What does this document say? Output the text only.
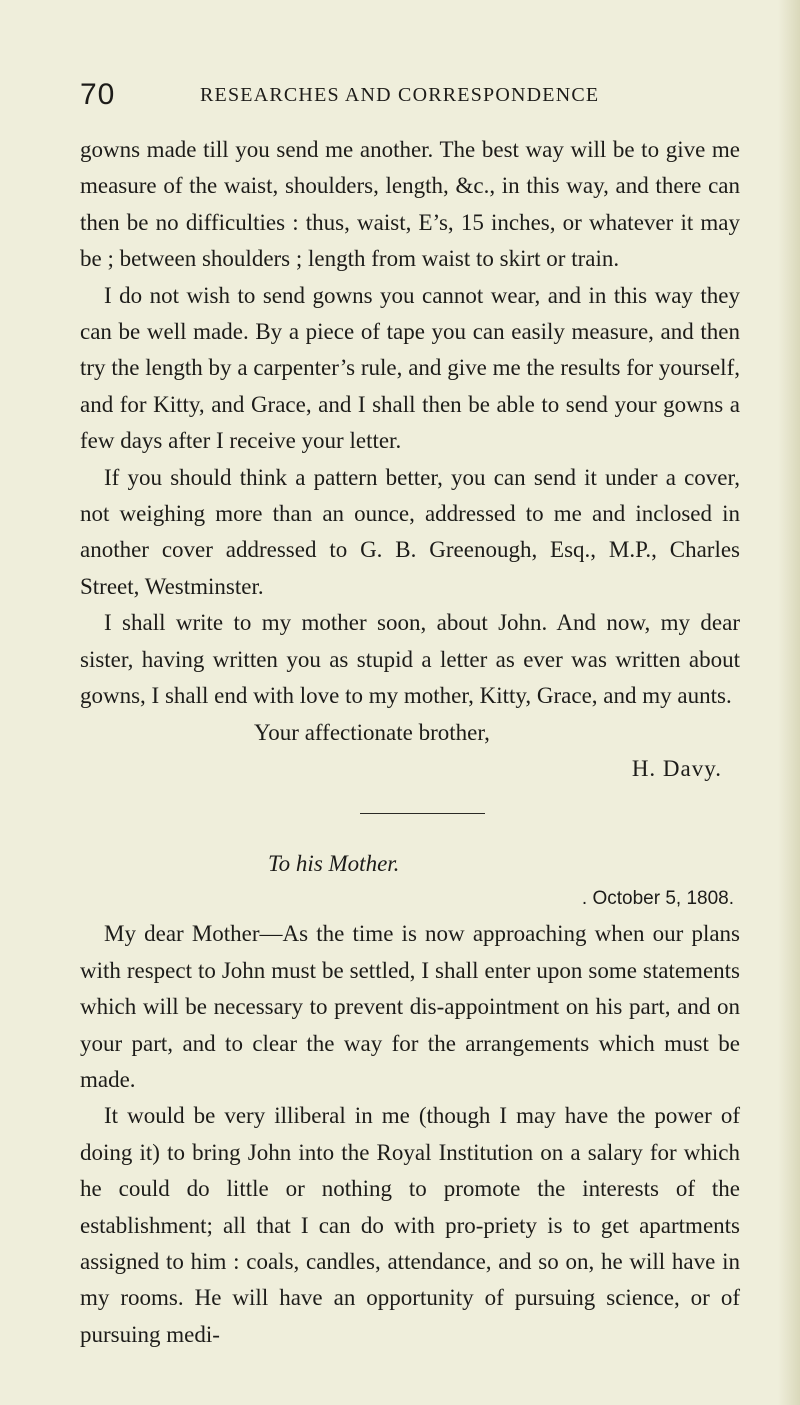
70	RESEARCHES AND CORRESPONDENCE

gowns made till you send me another. The best way will be to give me measure of the waist, shoulders, length, &c., in this way, and there can then be no difficulties : thus, waist, E’s, 15 inches, or whatever it may be ; between shoulders ; length from waist to skirt or train.

I do not wish to send gowns you cannot wear, and in this way they can be well made. By a piece of tape you can easily measure, and then try the length by a carpenter’s rule, and give me the results for yourself, and for Kitty, and Grace, and I shall then be able to send your gowns a few days after I receive your letter.

If you should think a pattern better, you can send it under a cover, not weighing more than an ounce, addressed to me and inclosed in another cover addressed to G. B. Greenough, Esq., M.P., Charles Street, Westminster.

I shall write to my mother soon, about John. And now, my dear sister, having written you as stupid a letter as ever was written about gowns, I shall end with love to my mother, Kitty, Grace, and my aunts.

Your affectionate brother,

H. Davy.

To his Mother.

. October 5, 1808.

My dear Mother—As the time is now approaching when our plans with respect to John must be settled, I shall enter upon some statements which will be necessary to prevent dis-appointment on his part, and on your part, and to clear the way for the arrangements which must be made.

It would be very illiberal in me (though I may have the power of doing it) to bring John into the Royal Institution on a salary for which he could do little or nothing to promote the interests of the establishment; all that I can do with pro-priety is to get apartments assigned to him : coals, candles, attendance, and so on, he will have in my rooms. He will have an opportunity of pursuing science, or of pursuing medi-
